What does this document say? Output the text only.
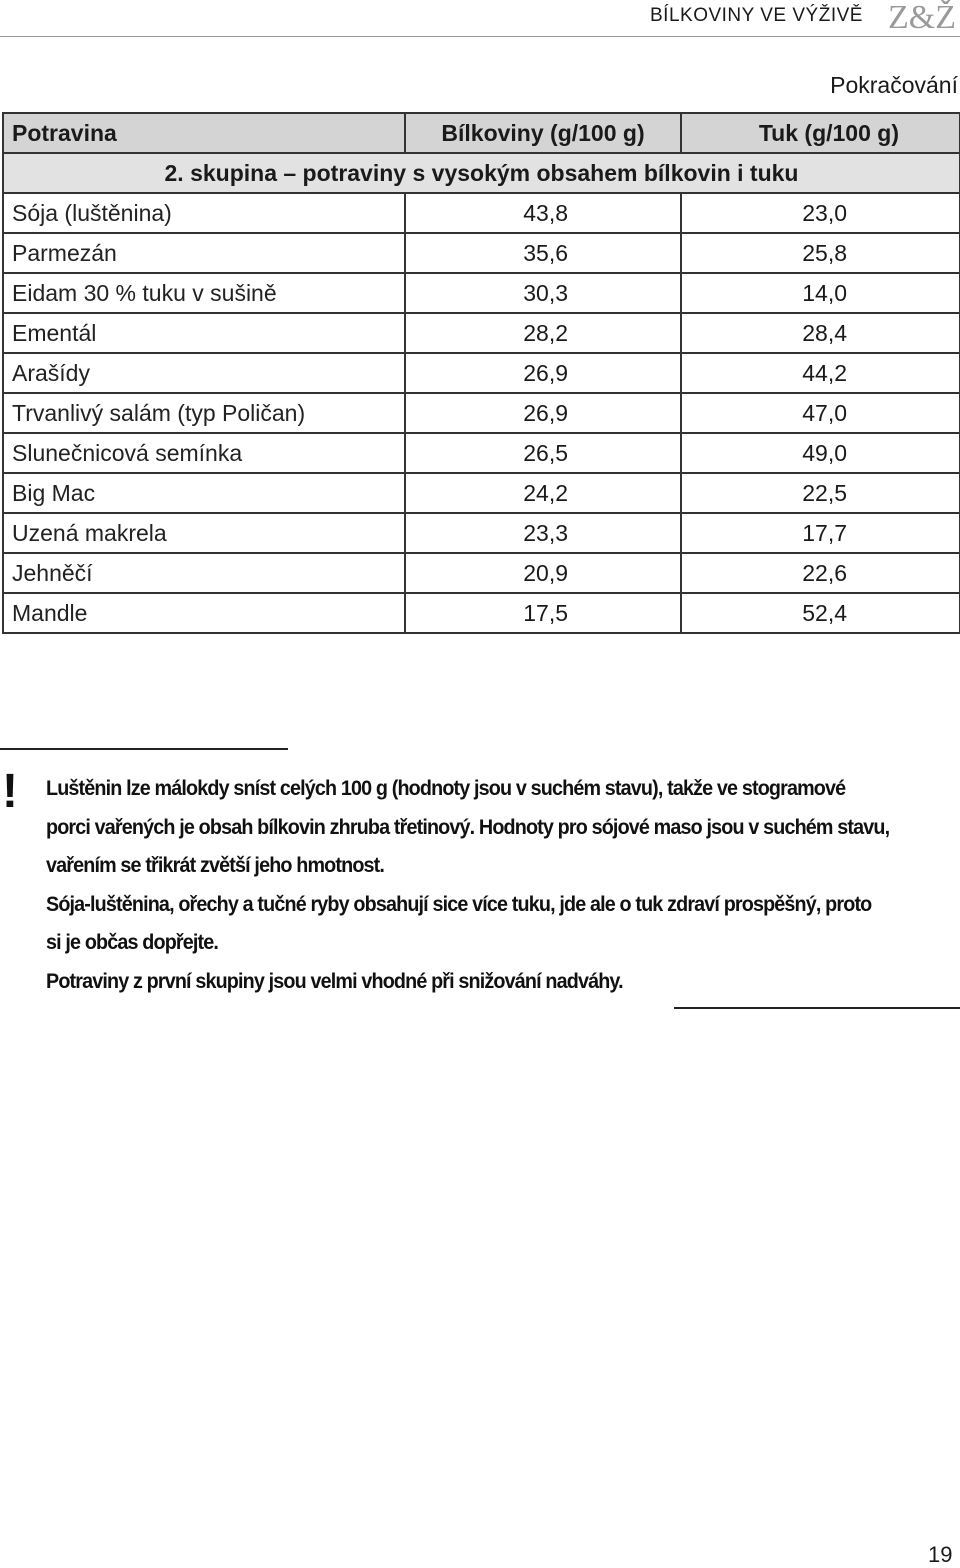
BÍLKOVINY VE VÝŽIVĚ Z&Ž
Pokračování
Potravina	Bílkoviny (g/100 g)	Tuk (g/100 g)
2. skupina – potraviny s vysokým obsahem bílkovin i tuku		
Sója (luštěnina)	43,8	23,0
Parmezán	35,6	25,8
Eidam 30 % tuku v sušině	30,3	14,0
Ementál	28,2	28,4
Arašídy	26,9	44,2
Trvanlivý salám (typ Poličan)	26,9	47,0
Slunečnicová semínka	26,5	49,0
Big Mac	24,2	22,5
Uzená makrela	23,3	17,7
Jehněčí	20,9	22,6
Mandle	17,5	52,4
! Luštěnin lze málokdy sníst celých 100 g (hodnoty jsou v suchém stavu), takže ve stogramové

porci vařených je obsah bílkovin zhruba třetinový. Hodnoty pro sójové maso jsou v suchém stavu,

vařením se třikrát zvětší jeho hmotnost.

Sója-luštěnina, ořechy a tučné ryby obsahují sice více tuku, jde ale o tuk zdraví prospěšný, proto

si je občas dopřejte.

Potraviny z první skupiny jsou velmi vhodné při snižování nadváhy.

19
